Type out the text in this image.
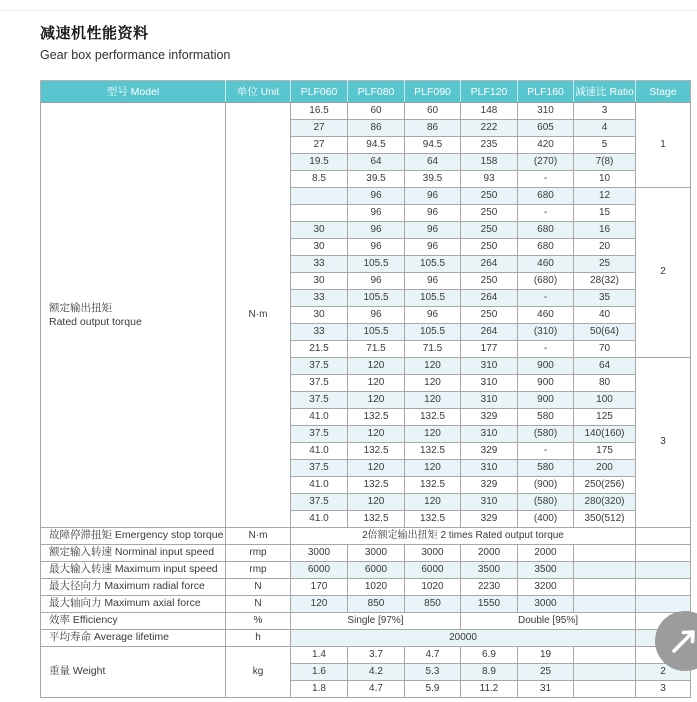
减速机性能资料
Gear box performance information
型号 Model	单位 Unit	PLF060	PLF080	PLF090	PLF120	PLF160	减速比 Ratio	Stage

额定输出扭矩
Rated output torque	N·m	16.5	60	60	148	310	3	1
		27	86	86	222	605	4	
		27	94.5	94.5	235	420	5	
		19.5	64	64	158	(270)	7(8)	
		8.5	39.5	39.5	93	-	10	
			96	96	250	680	12	2
			96	96	250	-	15	
		30	96	96	250	680	16	
		30	96	96	250	680	20	
		33	105.5	105.5	264	460	25	
		30	96	96	250	(680)	28(32)	
		33	105.5	105.5	264	-	35	
		30	96	96	250	460	40	
		33	105.5	105.5	264	(310)	50(64)	
		21.5	71.5	71.5	177	-	70	
		37.5	120	120	310	900	64	3
		37.5	120	120	310	900	80	
		37.5	120	120	310	900	100	
		41.0	132.5	132.5	329	580	125	
		37.5	120	120	310	(580)	140(160)	
		41.0	132.5	132.5	329	-	175	
		37.5	120	120	310	580	200	
		41.0	132.5	132.5	329	(900)	250(256)	
		37.5	120	120	310	(580)	280(320)	
		41.0	132.5	132.5	329	(400)	350(512)	
故障停滞扭矩 Emergency stop torque	N·m	2倍额定输出扭矩 2 times Rated output torque						
额定输入转速 Norminal input speed	rmp	3000	3000	3000	2000	2000		
最大输入转速 Maximum input speed	rmp	6000	6000	6000	3500	3500		
最大径向力 Maximum radial force	N	170	1020	1020	2230	3200		
最大轴向力 Maximum axial force	N	120	850	850	1550	3000		
效率 Efficiency	%	Single [97%]			Double [95%]			
平均寿命 Average lifetime	h	20000						
重量 Weight	kg	1.4	3.7	4.7	6.9	19		
		1.6	4.2	5.3	8.9	25		2
		1.8	4.7	5.9	11.2	31		3
